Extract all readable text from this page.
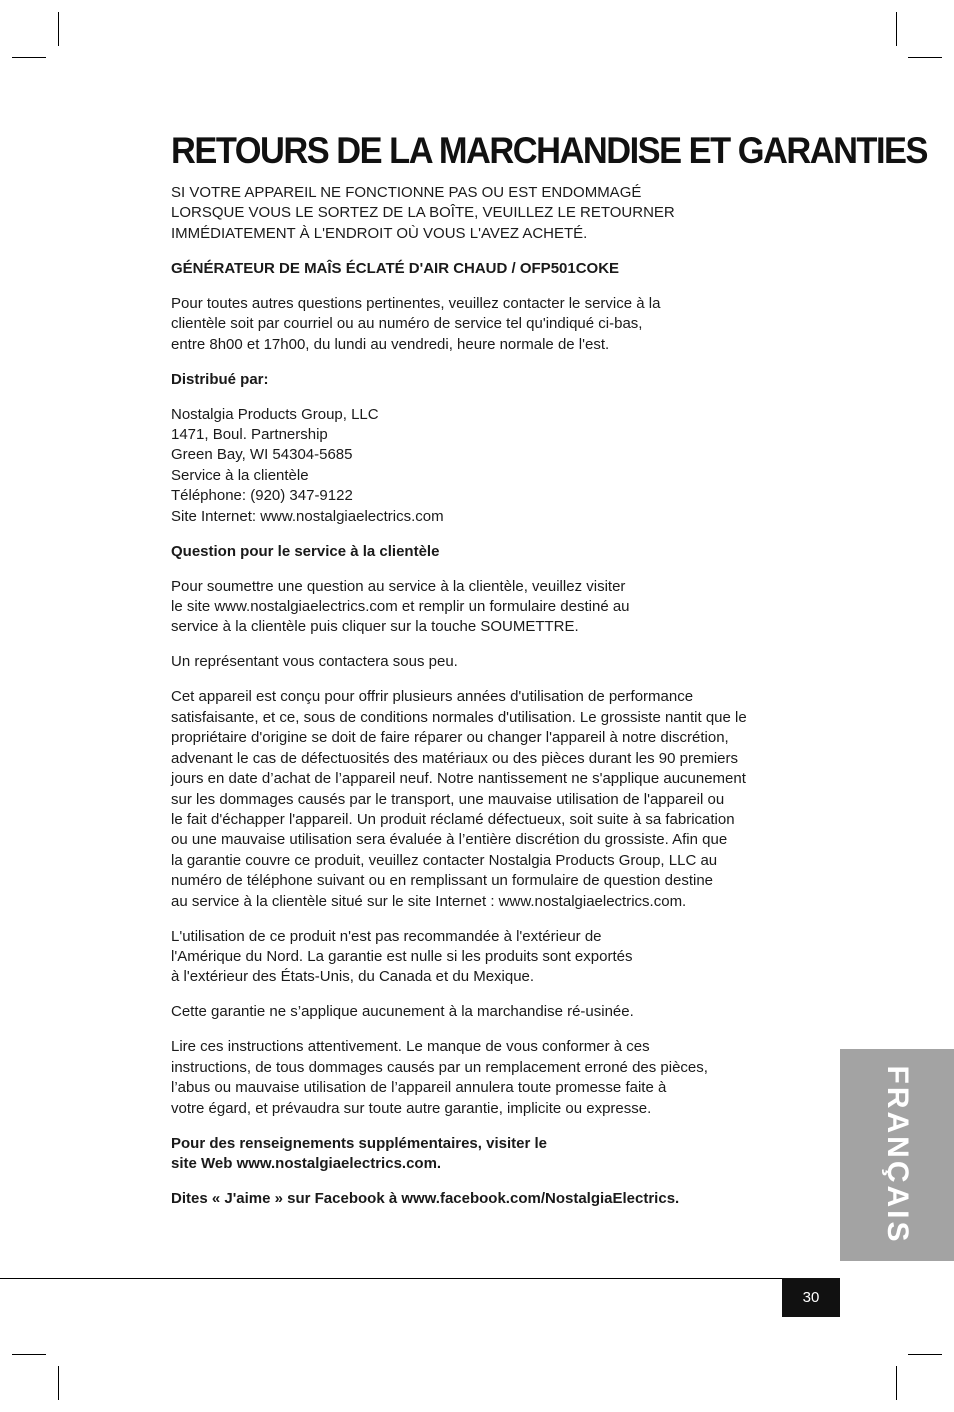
RETOURS DE LA MARCHANDISE ET GARANTIES

SI VOTRE APPAREIL NE FONCTIONNE PAS OU EST ENDOMMAGÉ
LORSQUE VOUS LE SORTEZ DE LA BOÎTE, VEUILLEZ LE RETOURNER
IMMÉDIATEMENT À L'ENDROIT OÙ VOUS L'AVEZ ACHETÉ.

GÉNÉRATEUR DE MAÎS ÉCLATÉ D'AIR CHAUD / OFP501COKE

Pour toutes autres questions pertinentes, veuillez contacter le service à la
clientèle soit par courriel ou au numéro de service tel qu'indiqué ci-bas,
entre 8h00 et 17h00, du lundi au vendredi, heure normale de l'est.

Distribué par:

Nostalgia Products Group, LLC
1471, Boul. Partnership
Green Bay, WI 54304-5685
Service à la clientèle
Téléphone: (920) 347-9122
Site Internet: www.nostalgiaelectrics.com

Question pour le service à la clientèle

Pour soumettre une question au service à la clientèle, veuillez visiter
le site www.nostalgiaelectrics.com et remplir un formulaire destiné au
service à la clientèle puis cliquer sur la touche SOUMETTRE.

Un représentant vous contactera sous peu.

Cet appareil est conçu pour offrir plusieurs années d'utilisation de performance
satisfaisante, et ce, sous de conditions normales d'utilisation. Le grossiste nantit que le
propriétaire d'origine se doit de faire réparer ou changer l'appareil à notre discrétion,
advenant le cas de défectuosités des matériaux ou des pièces durant les 90 premiers
jours en date d’achat de l’appareil neuf. Notre nantissement ne s'applique aucunement
sur les dommages causés par le transport, une mauvaise utilisation de l'appareil ou
le fait d'échapper l'appareil. Un produit réclamé défectueux, soit suite à sa fabrication
ou une mauvaise utilisation sera évaluée à l’entière discrétion du grossiste. Afin que
la garantie couvre ce produit, veuillez contacter Nostalgia Products Group, LLC au
numéro de téléphone suivant ou en remplissant un formulaire de question destine
au service à la clientèle situé sur le site Internet : www.nostalgiaelectrics.com.

L'utilisation de ce produit n'est pas recommandée à l'extérieur de
l'Amérique du Nord. La garantie est nulle si les produits sont exportés
à l'extérieur des États-Unis, du Canada et du Mexique.

Cette garantie ne s’applique aucunement à la marchandise ré-usinée.

Lire ces instructions attentivement. Le manque de vous conformer à ces
instructions, de tous dommages causés par un remplacement erroné des pièces,
l’abus ou mauvaise utilisation de l’appareil annulera toute promesse faite à
votre égard, et prévaudra sur toute autre garantie, implicite ou expresse.

Pour des renseignements supplémentaires, visiter le
site Web www.nostalgiaelectrics.com.

Dites « J'aime » sur Facebook à www.facebook.com/NostalgiaElectrics.	FRANÇAIS
30
